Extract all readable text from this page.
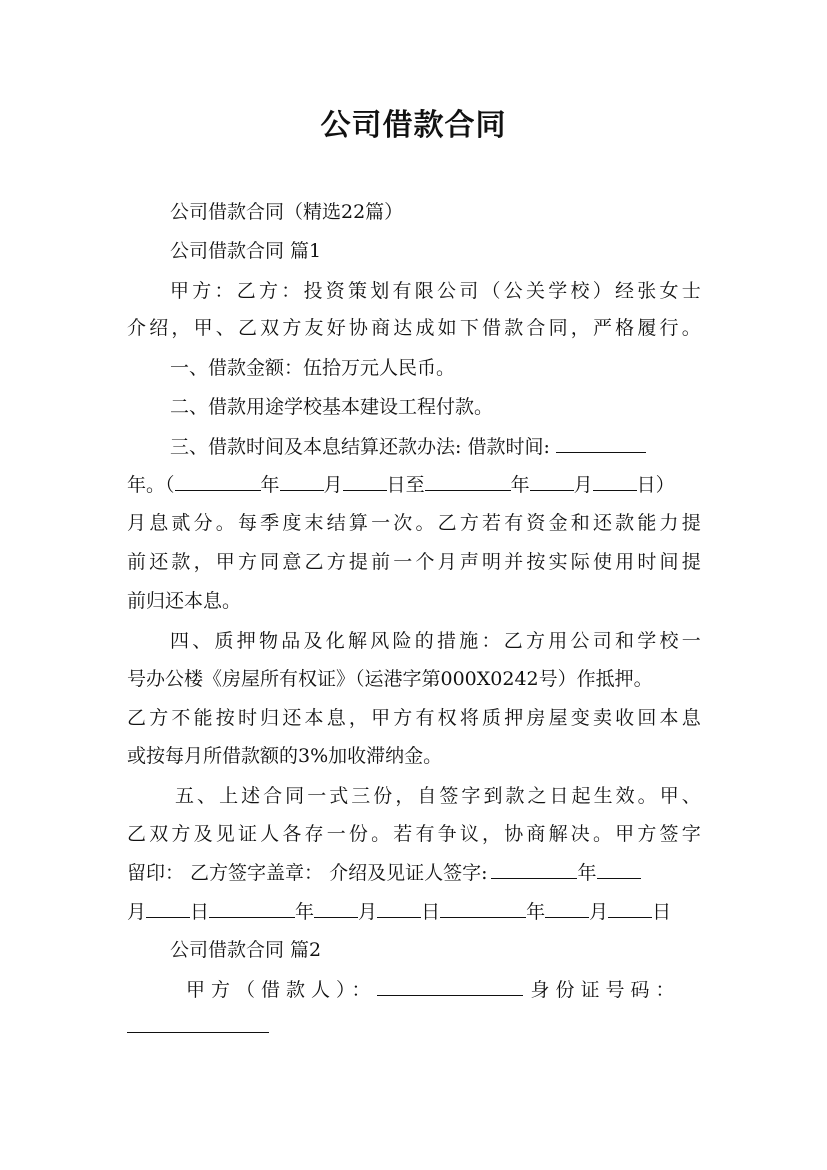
公司借款合同
公司借款合同（精选22篇）
公司借款合同 篇1
甲 方 ： 乙 方 ： 投 资 策 划 有 限 公 司 （ 公 关 学 校 ） 经 张 女 士
介 绍 ， 甲 、 乙 双 方 友 好 协 商 达 成 如 下 借 款 合 同 ， 严 格 履 行 。
一、借款金额：伍拾万元人民币。
二、借款用途学校基本建设工程付款。
三、借款时间及本息结算还款办法: 借款时间:
年。（	年 月 日至	年 月 日）
月 息 贰 分 。 每 季 度 末 结 算 一 次 。 乙 方 若 有 资 金 和 还 款 能 力 提
前 还 款 ， 甲 方 同 意 乙 方 提 前 一 个 月 声 明 并 按 实 际 使 用 时 间 提
前归还本息。
四 、 质 押 物 品 及 化 解 风 险 的 措 施 ： 乙 方 用 公 司 和 学 校 一
号办公楼《房屋所有权证》（运港字第000X0242号）作抵押。
乙 方 不 能 按 时 归 还 本 息 ， 甲 方 有 权 将 质 押 房 屋 变 卖 收 回 本 息
或按每月所借款额的3%加收滞纳金。
五 、 上 述 合 同 一 式 三 份 ， 自 签 字 到 款 之 日 起 生 效 。 甲 、
乙 双 方 及 见 证 人 各 存 一 份 。 若 有 争 议 ， 协 商 解 决 。 甲 方 签 字
留印： 乙方签字盖章： 介绍及见证人签字:	年
月 日	年 月 日	年 月 日
公司借款合同 篇2
甲方（借款人）：	身份证号码：
